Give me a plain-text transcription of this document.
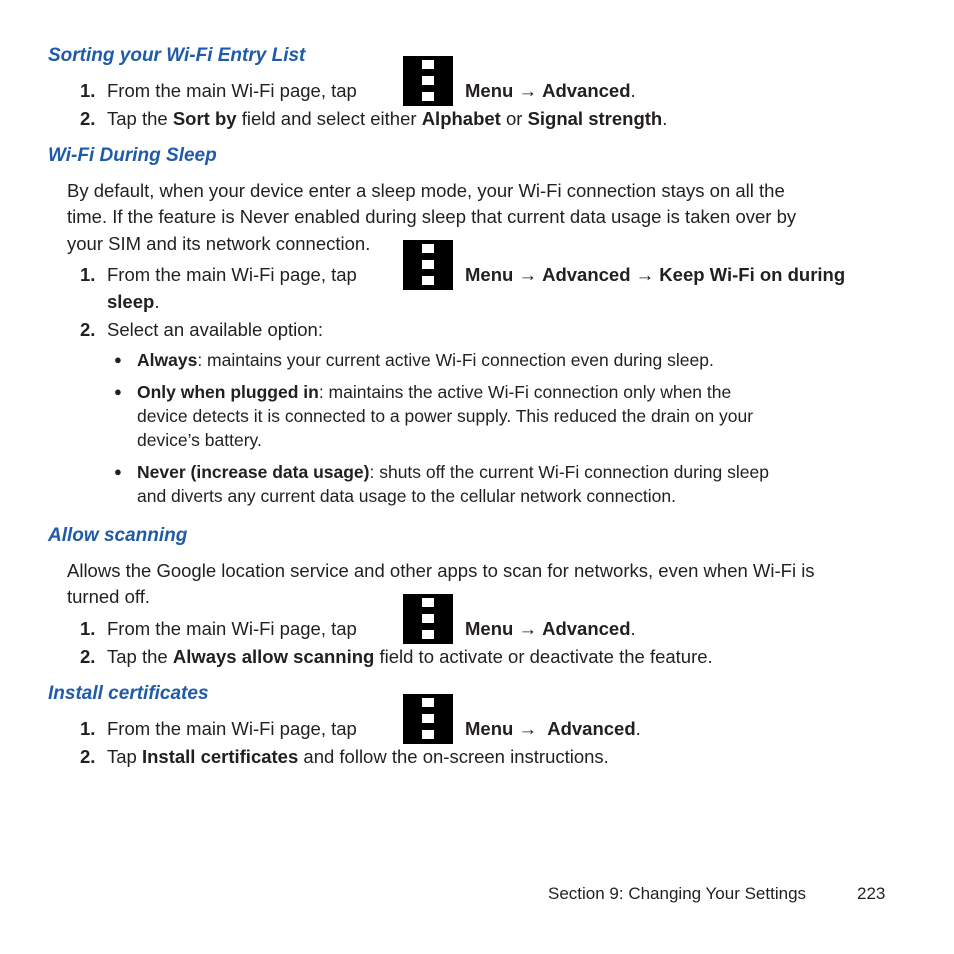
Sorting your Wi-Fi Entry List
1. From the main Wi-Fi page, tap	Menu → Advanced.
2. Tap the Sort by field and select either Alphabet or Signal strength.
Wi-Fi During Sleep
By default, when your device enter a sleep mode, your Wi-Fi connection stays on all the
time. If the feature is Never enabled during sleep that current data usage is taken over by
your SIM and its network connection.
1. From the main Wi-Fi page, tap	Menu → Advanced → Keep Wi-Fi on during
sleep.
2. Select an available option:
● Always: maintains your current active Wi-Fi connection even during sleep.
● Only when plugged in: maintains the active Wi-Fi connection only when the
device detects it is connected to a power supply. This reduced the drain on your
device’s battery.
● Never (increase data usage): shuts off the current Wi-Fi connection during sleep
and diverts any current data usage to the cellular network connection.
Allow scanning
Allows the Google location service and other apps to scan for networks, even when Wi-Fi is
turned off.
1. From the main Wi-Fi page, tap	Menu → Advanced.
2. Tap the Always allow scanning field to activate or deactivate the feature.
Install certificates
1. From the main Wi-Fi page, tap	Menu → Advanced.
2. Tap Install certificates and follow the on-screen instructions.
Section 9: Changing Your Settings	223
